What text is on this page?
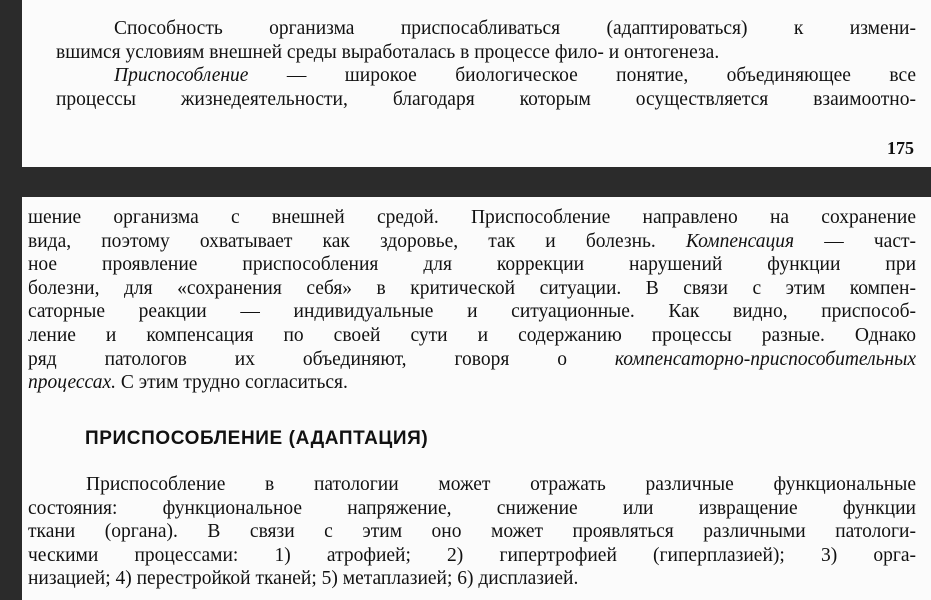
Способность организма приспосабливаться (адаптироваться) к измени-
вшимся условиям внешней среды выработалась в процессе фило- и онтогенеза.
Приспособление — широкое биологическое понятие, объединяющее все
процессы жизнедеятельности, благодаря которым осуществляется взаимоотно-
175
шение организма с внешней средой. Приспособление направлено на сохранение
вида, поэтому охватывает как здоровье, так и болезнь. Компенсация — част-
ное проявление приспособления для коррекции нарушений функции при
болезни, для «сохранения себя» в критической ситуации. В связи с этим компен-
саторные реакции — индивидуальные и ситуационные. Как видно, приспособ-
ление и компенсация по своей сути и содержанию процессы разные. Однако
ряд патологов их объединяют, говоря о компенсаторно-приспособительных
процессах. С этим трудно согласиться.
ПРИСПОСОБЛЕНИЕ (АДАПТАЦИЯ)
Приспособление в патологии может отражать различные функциональные
состояния: функциональное напряжение, снижение или извращение функции
ткани (органа). В связи с этим оно может проявляться различными патологи-
ческими процессами: 1) атрофией; 2) гипертрофией (гиперплазией); 3) орга-
низацией; 4) перестройкой тканей; 5) метаплазией; 6) дисплазией.
